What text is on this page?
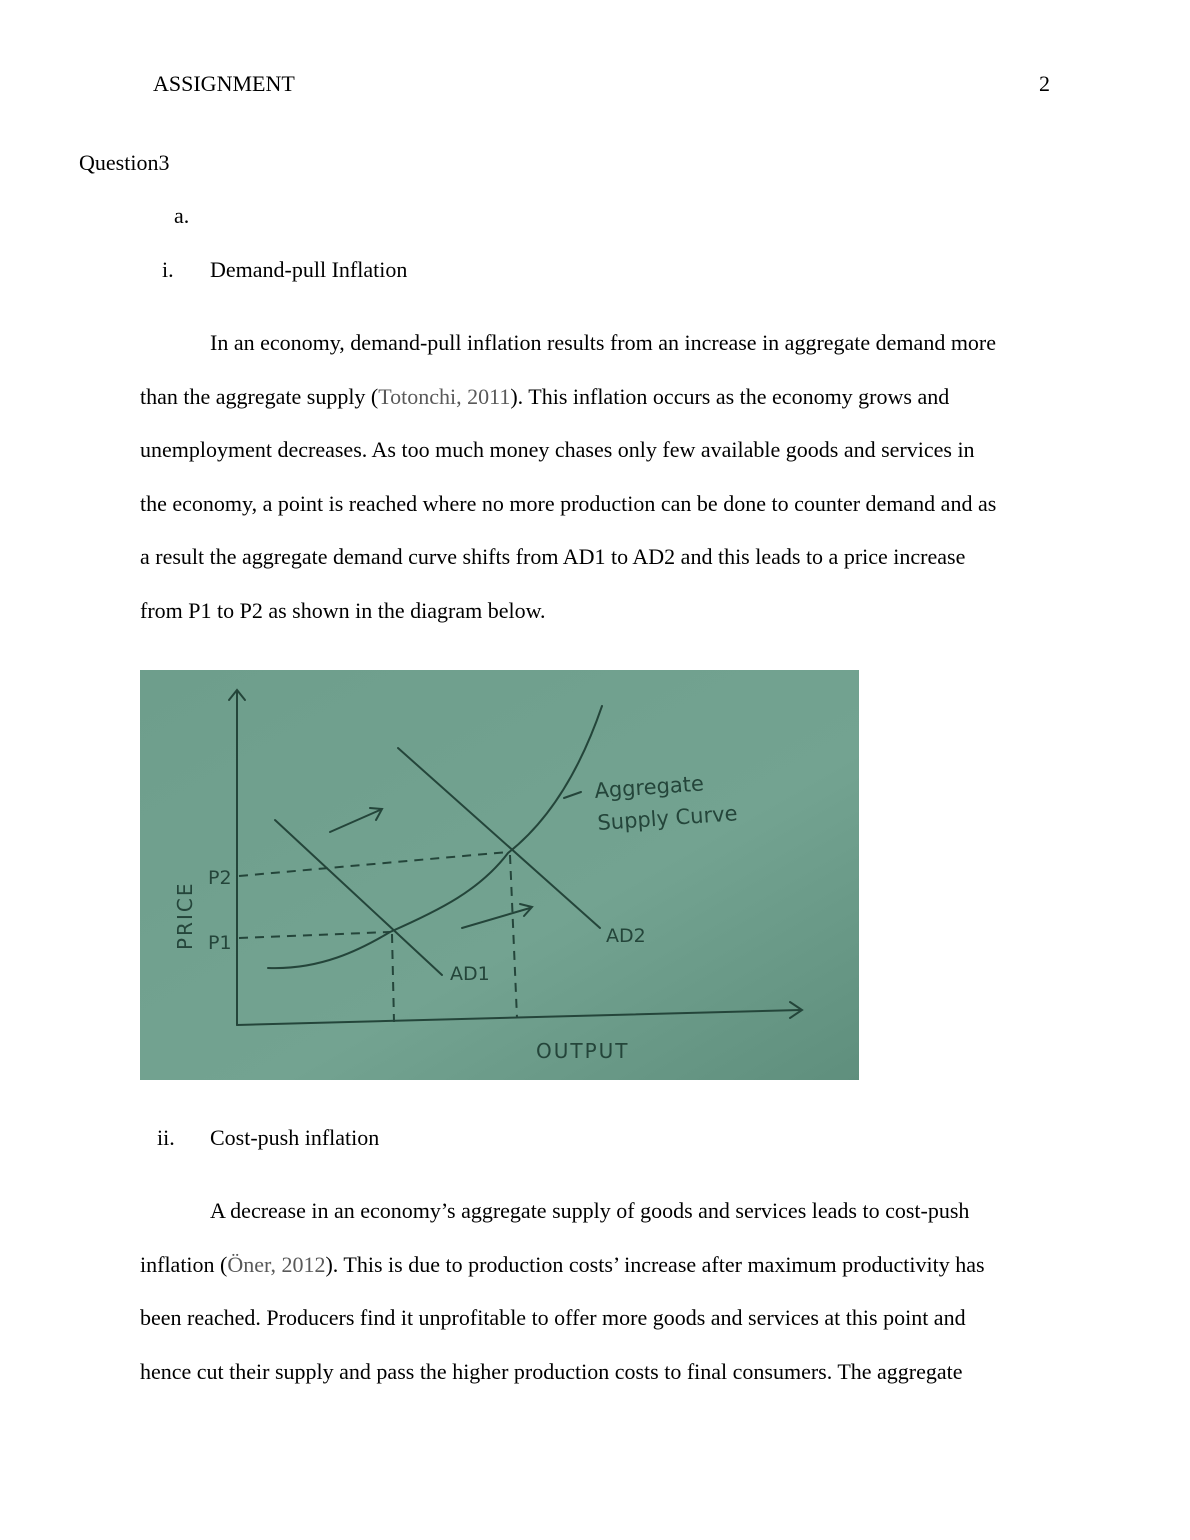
ASSIGNMENT	2
Question3
a.
i. Demand-pull Inflation
In an economy, demand-pull inflation results from an increase in aggregate demand more
than the aggregate supply (Totonchi, 2011). This inflation occurs as the economy grows and
unemployment decreases. As too much money chases only few available goods and services in
the economy, a point is reached where no more production can be done to counter demand and as
a result the aggregate demand curve shifts from AD1 to AD2 and this leads to a price increase
from P1 to P2 as shown in the diagram below.
P2
P1
AD1
AD2
Aggregate
Supply Curve
OUTPUT
PRICE
ii. Cost-push inflation
A decrease in an economy’s aggregate supply of goods and services leads to cost-push
inflation (Öner, 2012). This is due to production costs’ increase after maximum productivity has
been reached. Producers find it unprofitable to offer more goods and services at this point and
hence cut their supply and pass the higher production costs to final consumers. The aggregate
